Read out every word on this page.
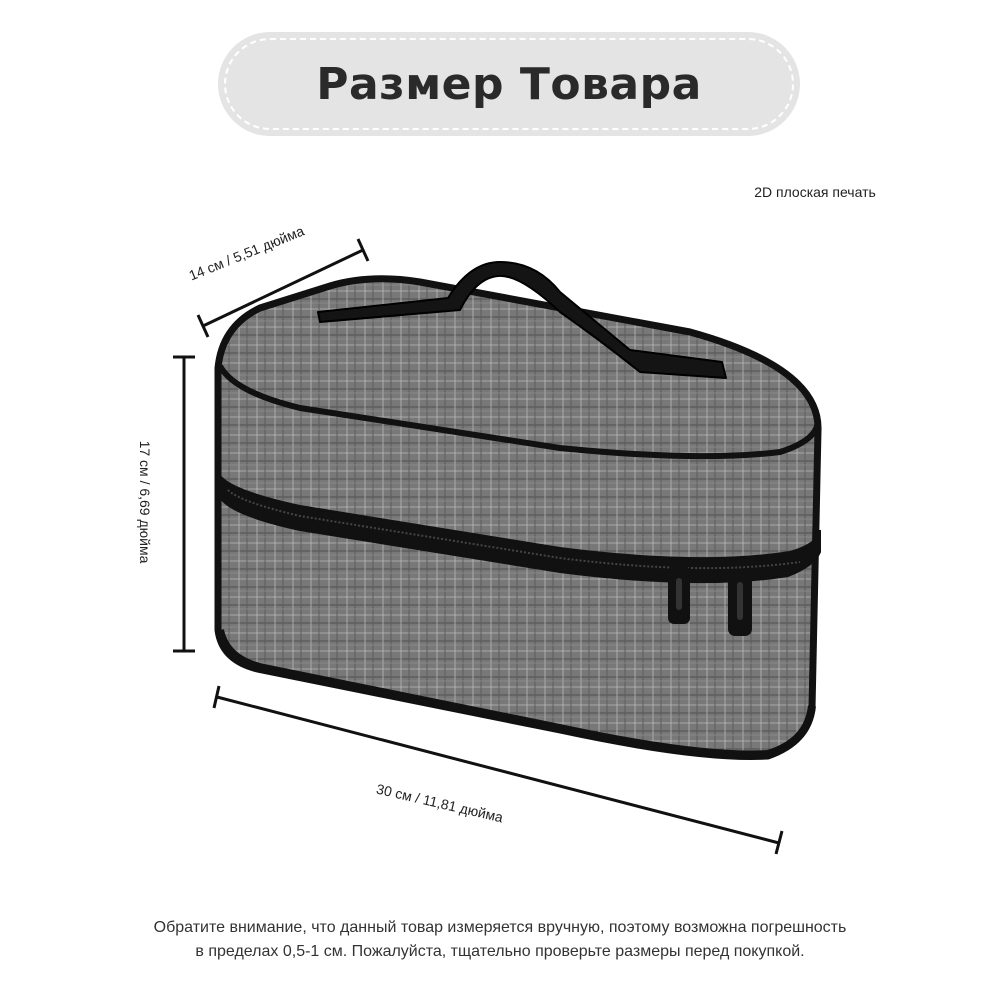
Размер Товара
2D плоская печать
14 см / 5,51 дюйма
17 см / 6,69 дюйма
30 см / 11,81 дюйма
Обратите внимание, что данный товар измеряется вручную, поэтому возможна погрешность
в пределах 0,5-1 см. Пожалуйста, тщательно проверьте размеры перед покупкой.
